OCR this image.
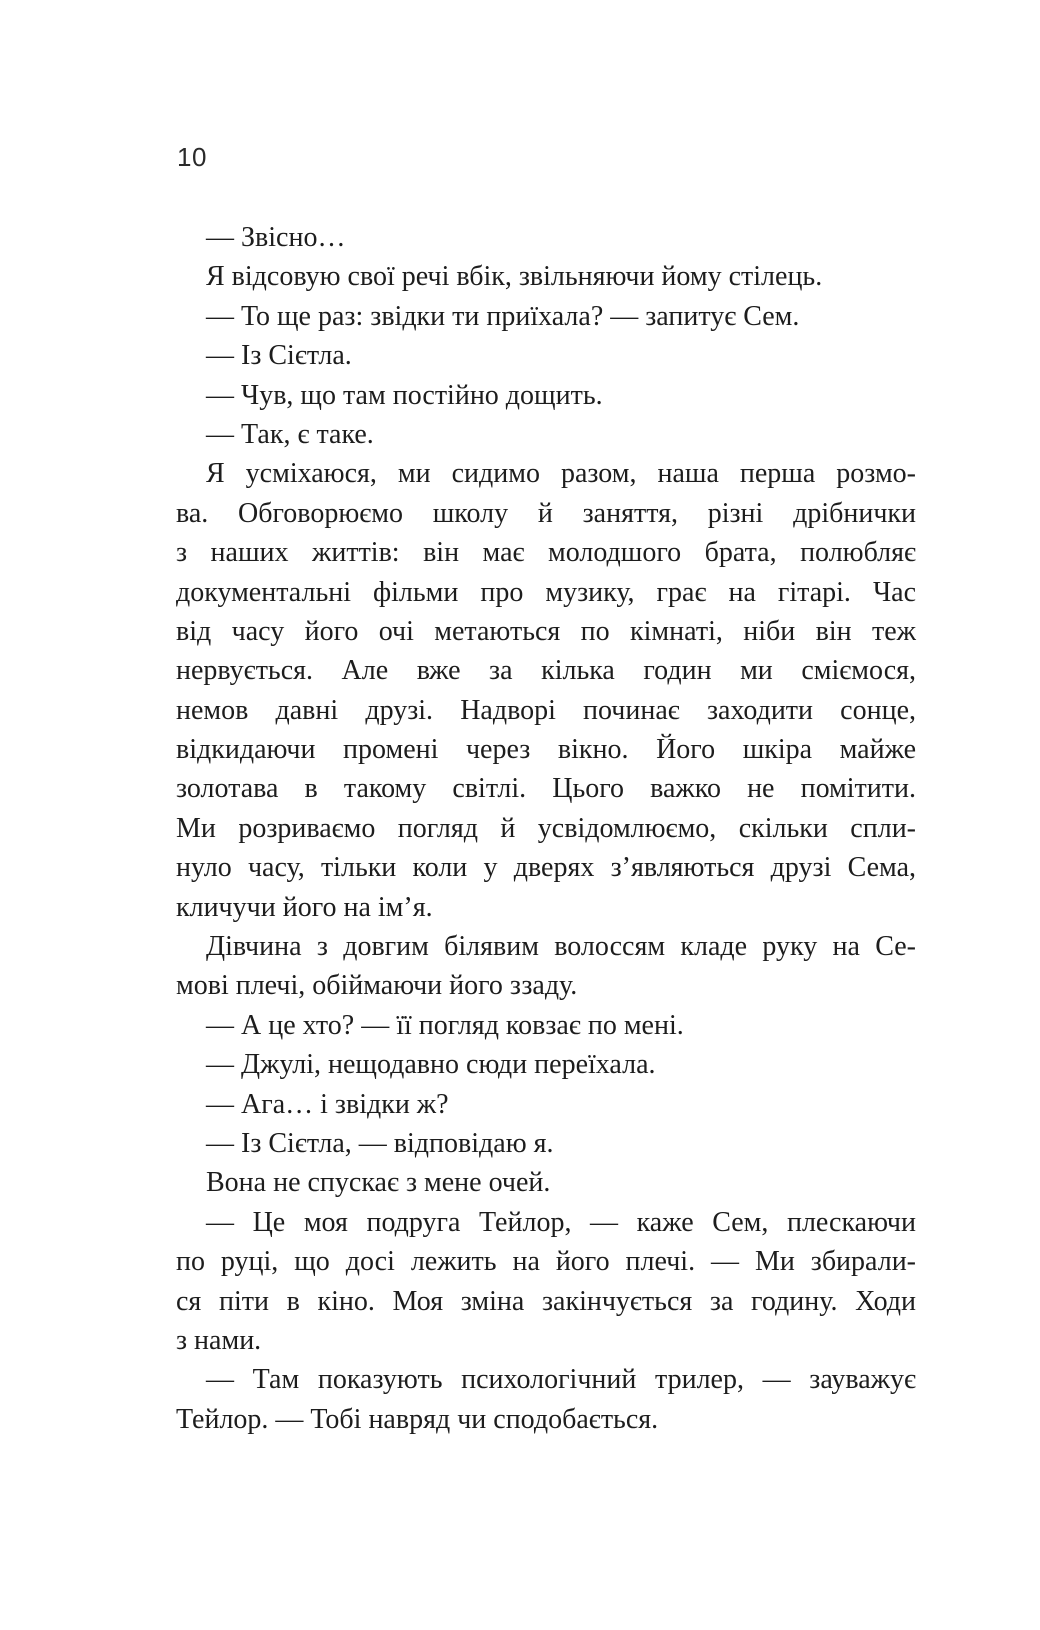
10
— Звісно…
Я відсовую свої речі вбік, звільняючи йому стілець.
— То ще раз: звідки ти приїхала? — запитує Сем.
— Із Сієтла.
— Чув, що там постійно дощить.
— Так, є таке.
Я усміхаюся, ми сидимо разом, наша перша розмо-
ва. Обговорюємо школу й заняття, різні дрібнички
з наших життів: він має молодшого брата, полюбляє
документальні фільми про музику, грає на гітарі. Час
від часу його очі метаються по кімнаті, ніби він теж
нервується. Але вже за кілька годин ми сміємося,
немов давні друзі. Надворі починає заходити сонце,
відкидаючи промені через вікно. Його шкіра майже
золотава в такому світлі. Цього важко не помітити.
Ми розриваємо погляд й усвідомлюємо, скільки спли-
нуло часу, тільки коли у дверях з’являються друзі Сема,
кличучи його на ім’я.
Дівчина з довгим білявим волоссям кладе руку на Се-
мові плечі, обіймаючи його ззаду.
— А це хто? — її погляд ковзає по мені.
— Джулі, нещодавно сюди переїхала.
— Ага… і звідки ж?
— Із Сієтла, — відповідаю я.
Вона не спускає з мене очей.
— Це моя подруга Тейлор, — каже Сем, плескаючи
по руці, що досі лежить на його плечі. — Ми збирали-
ся піти в кіно. Моя зміна закінчується за годину. Ходи
з нами.
— Там показують психологічний трилер, — зауважує
Тейлор. — Тобі навряд чи сподобається.
